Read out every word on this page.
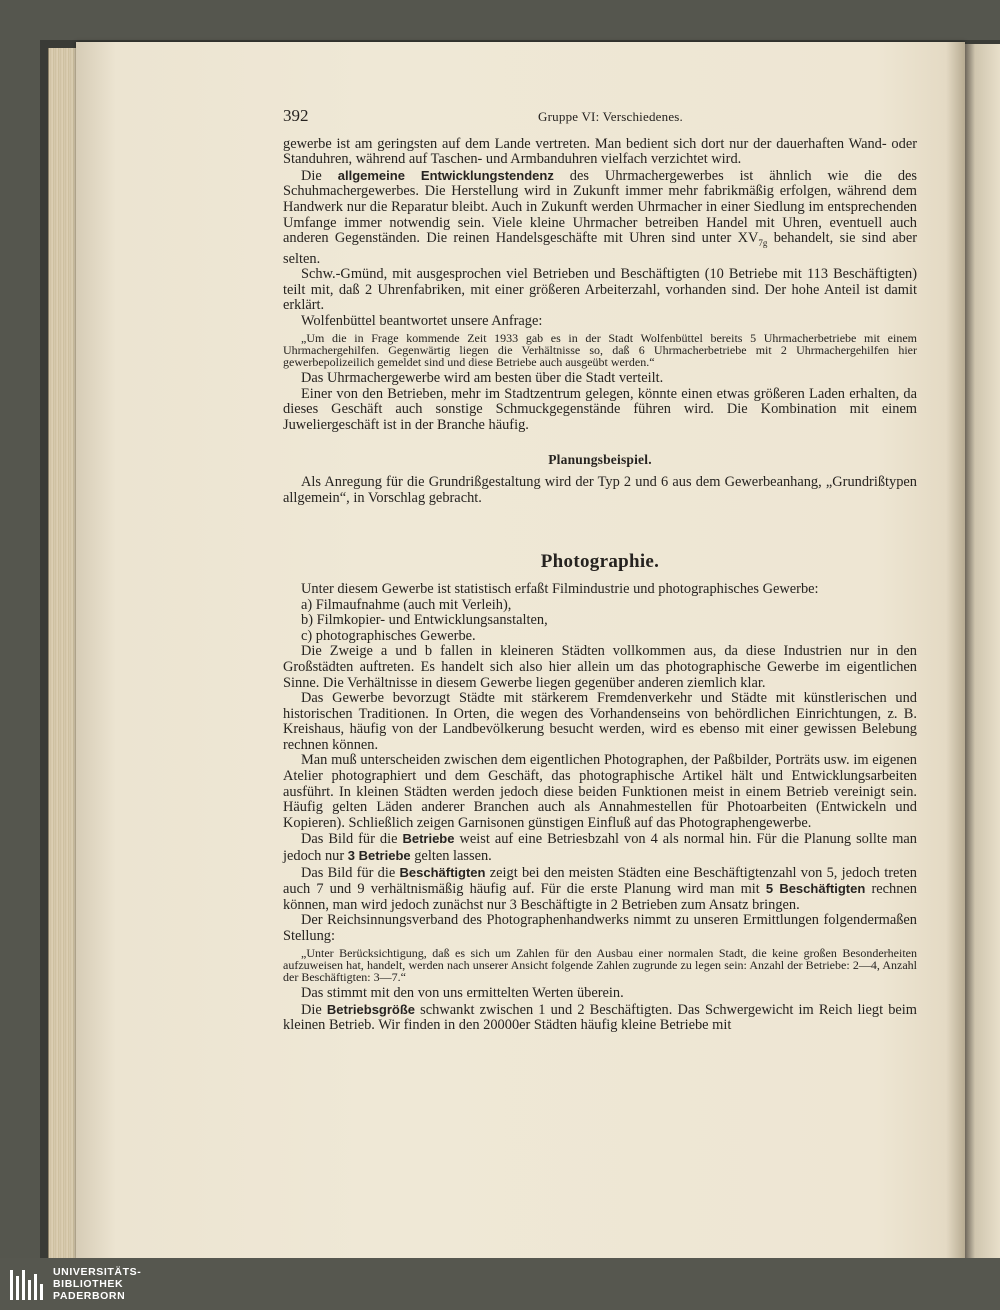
392	Gruppe VI: Verschiedenes.

gewerbe ist am geringsten auf dem Lande vertreten. Man bedient sich dort nur der dauerhaften Wand- oder Standuhren, während auf Taschen- und Armbanduhren vielfach verzichtet wird.

Die allgemeine Entwicklungstendenz des Uhrmachergewerbes ist ähnlich wie die des Schuhmachergewerbes. Die Herstellung wird in Zukunft immer mehr fabrikmäßig erfolgen, während dem Handwerk nur die Reparatur bleibt. Auch in Zukunft werden Uhrmacher in einer Siedlung im entsprechenden Umfange immer notwendig sein. Viele kleine Uhrmacher betreiben Handel mit Uhren, eventuell auch anderen Gegenständen. Die reinen Handelsgeschäfte mit Uhren sind unter $XV_{7g}$ behandelt, sie sind aber selten.

Schw.-Gmünd, mit ausgesprochen viel Betrieben und Beschäftigten (10 Betriebe mit 113 Beschäftigten) teilt mit, daß 2 Uhrenfabriken, mit einer größeren Arbeiterzahl, vorhanden sind. Der hohe Anteil ist damit erklärt.

Wolfenbüttel beantwortet unsere Anfrage:

„Um die in Frage kommende Zeit 1933 gab es in der Stadt Wolfenbüttel bereits 5 Uhrmacherbetriebe mit einem Uhrmachergehilfen. Gegenwärtig liegen die Verhältnisse so, daß 6 Uhrmacherbetriebe mit 2 Uhrmachergehilfen hier gewerbepolizeilich gemeldet sind und diese Betriebe auch ausgeübt werden.“

Das Uhrmachergewerbe wird am besten über die Stadt verteilt.

Einer von den Betrieben, mehr im Stadtzentrum gelegen, könnte einen etwas größeren Laden erhalten, da dieses Geschäft auch sonstige Schmuckgegenstände führen wird. Die Kombination mit einem Juweliergeschäft ist in der Branche häufig.

Planungsbeispiel.

Als Anregung für die Grundrißgestaltung wird der Typ 2 und 6 aus dem Gewerbeanhang, „Grundrißtypen allgemein“, in Vorschlag gebracht.

Photographie.

Unter diesem Gewerbe ist statistisch erfaßt Filmindustrie und photographisches Gewerbe:

a) Filmaufnahme (auch mit Verleih),

b) Filmkopier- und Entwicklungsanstalten,

c) photographisches Gewerbe.

Die Zweige a und b fallen in kleineren Städten vollkommen aus, da diese Industrien nur in den Großstädten auftreten. Es handelt sich also hier allein um das photographische Gewerbe im eigentlichen Sinne. Die Verhältnisse in diesem Gewerbe liegen gegenüber anderen ziemlich klar.

Das Gewerbe bevorzugt Städte mit stärkerem Fremdenverkehr und Städte mit künstlerischen und historischen Traditionen. In Orten, die wegen des Vorhandenseins von behördlichen Einrichtungen, z. B. Kreishaus, häufig von der Landbevölkerung besucht werden, wird es ebenso mit einer gewissen Belebung rechnen können.

Man muß unterscheiden zwischen dem eigentlichen Photographen, der Paßbilder, Porträts usw. im eigenen Atelier photographiert und dem Geschäft, das photographische Artikel hält und Entwicklungsarbeiten ausführt. In kleinen Städten werden jedoch diese beiden Funktionen meist in einem Betrieb vereinigt sein. Häufig gelten Läden anderer Branchen auch als Annahmestellen für Photoarbeiten (Entwickeln und Kopieren). Schließlich zeigen Garnisonen günstigen Einfluß auf das Photographengewerbe.

Das Bild für die Betriebe weist auf eine Betriesbzahl von 4 als normal hin. Für die Planung sollte man jedoch nur 3 Betriebe gelten lassen.

Das Bild für die Beschäftigten zeigt bei den meisten Städten eine Beschäftigtenzahl von 5, jedoch treten auch 7 und 9 verhältnismäßig häufig auf. Für die erste Planung wird man mit 5 Beschäftigten rechnen können, man wird jedoch zunächst nur 3 Beschäftigte in 2 Betrieben zum Ansatz bringen.

Der Reichsinnungsverband des Photographenhandwerks nimmt zu unseren Ermittlungen folgendermaßen Stellung:

„Unter Berücksichtigung, daß es sich um Zahlen für den Ausbau einer normalen Stadt, die keine großen Besonderheiten aufzuweisen hat, handelt, werden nach unserer Ansicht folgende Zahlen zugrunde zu legen sein: Anzahl der Betriebe: 2—4, Anzahl der Beschäftigten: 3—7.“

Das stimmt mit den von uns ermittelten Werten überein.

Die Betriebsgröße schwankt zwischen 1 und 2 Beschäftigten. Das Schwergewicht im Reich liegt beim kleinen Betrieb. Wir finden in den 20000er Städten häufig kleine Betriebe mit

UNIVERSITÄTS-
BIBLIOTHEK
PADERBORN
